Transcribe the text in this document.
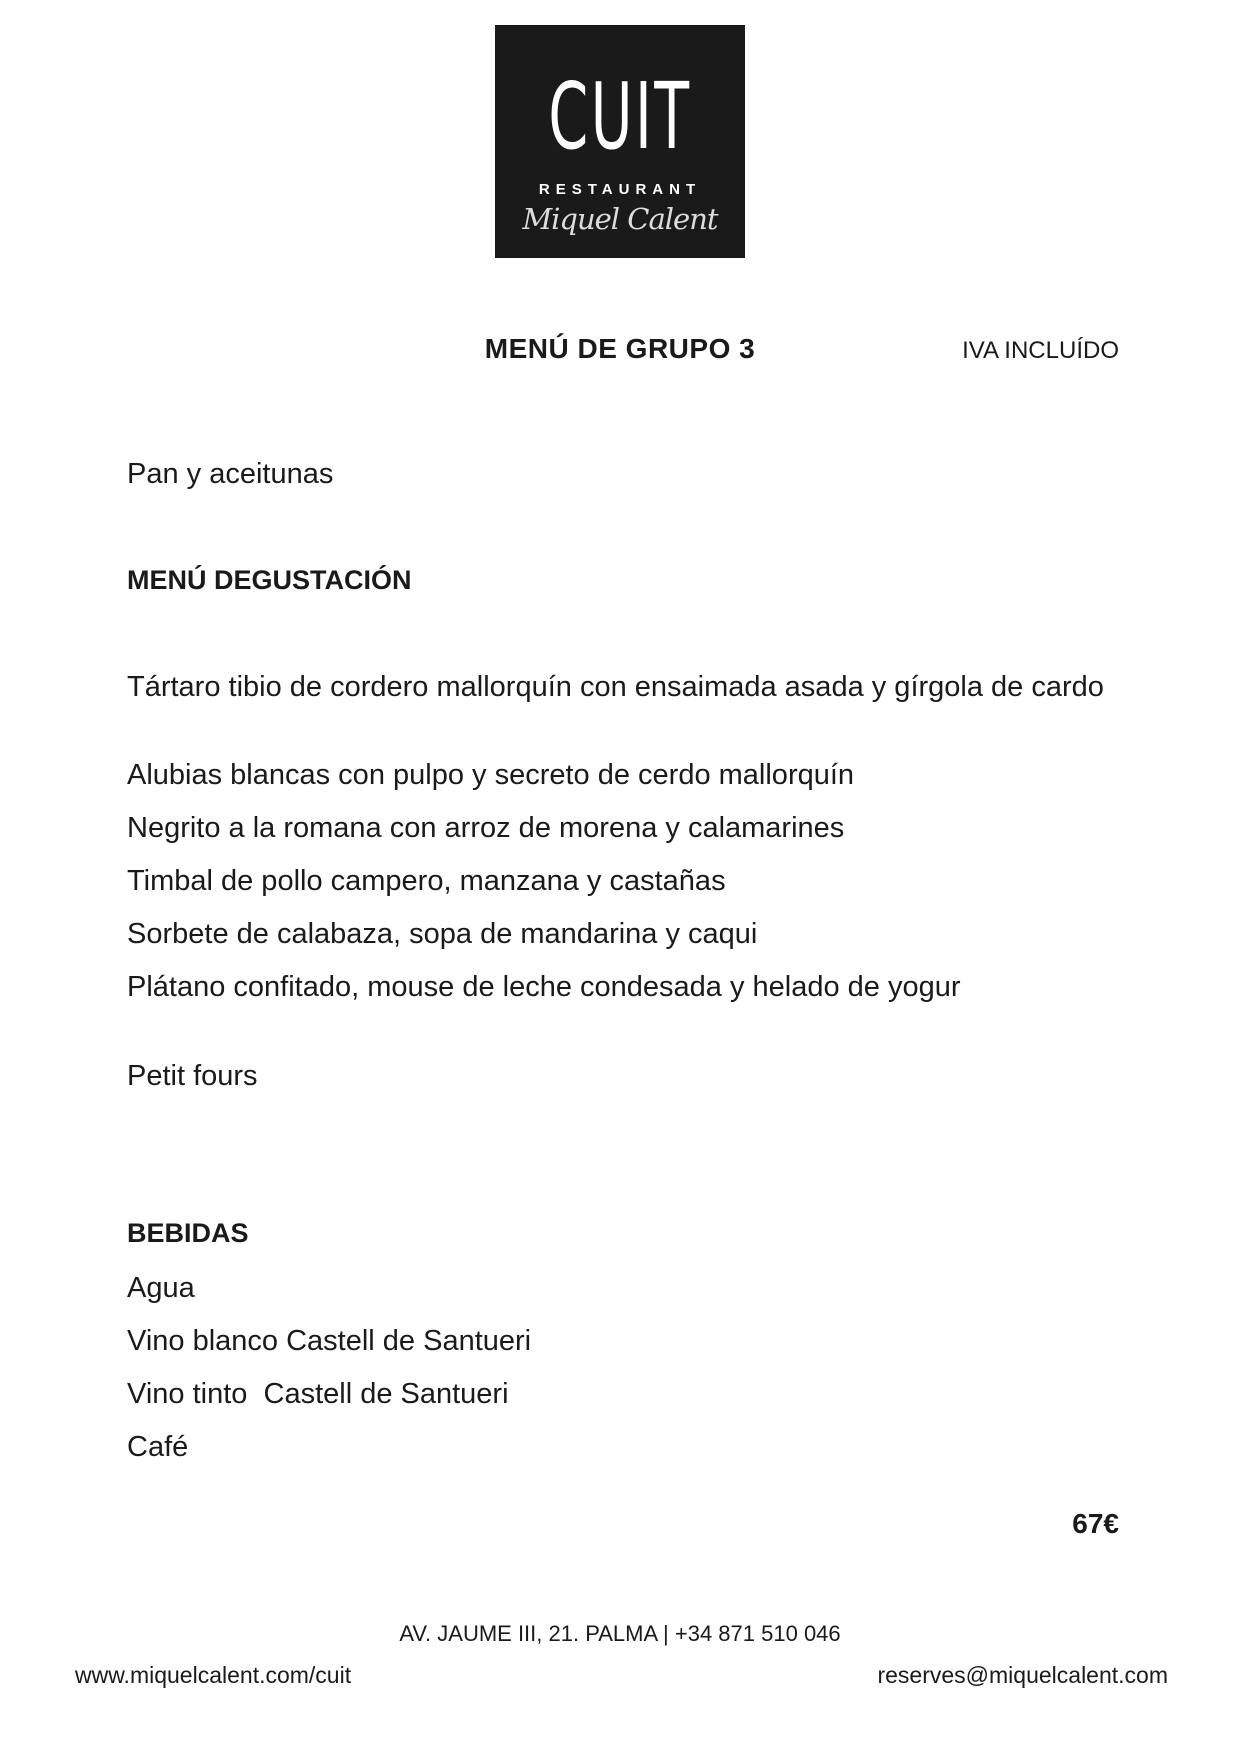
CUIT
RESTAURANT
Miquel Calent
MENÚ DE GRUPO 3	IVA INCLUÍDO
Pan y aceitunas
MENÚ DEGUSTACIÓN
Tártaro tibio de cordero mallorquín con ensaimada asada y gírgola de cardo
Alubias blancas con pulpo y secreto de cerdo mallorquín
Negrito a la romana con arroz de morena y calamarines
Timbal de pollo campero, manzana y castañas
Sorbete de calabaza, sopa de mandarina y caqui
Plátano confitado, mouse de leche condesada y helado de yogur
Petit fours
BEBIDAS
Agua
Vino blanco Castell de Santueri
Vino tinto  Castell de Santueri
Café
67€
AV. JAUME III, 21. PALMA | +34 871 510 046
www.miquelcalent.com/cuit	reserves@miquelcalent.com
